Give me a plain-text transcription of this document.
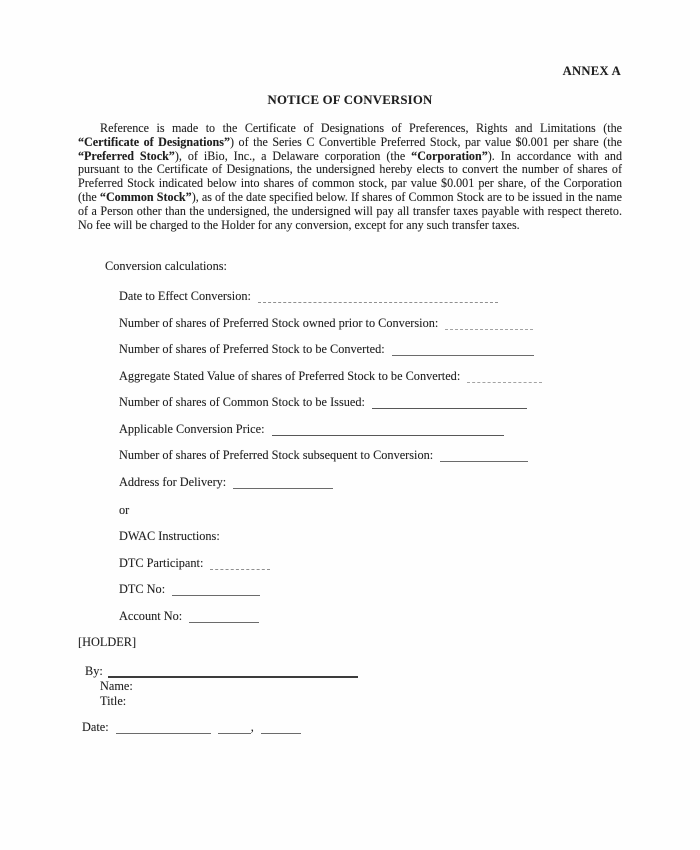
ANNEX A
NOTICE OF CONVERSION

Reference is made to the Certificate of Designations of Preferences, Rights and Limitations (the “Certificate of Designations”) of the Series C Convertible Preferred Stock, par value $0.001 per share (the “Preferred Stock”), of iBio, Inc., a Delaware corporation (the “Corporation”). In accordance with and pursuant to the Certificate of Designations, the undersigned hereby elects to convert the number of shares of Preferred Stock indicated below into shares of common stock, par value $0.001 per share, of the Corporation (the “Common Stock”), as of the date specified below. If shares of Common Stock are to be issued in the name of a Person other than the undersigned, the undersigned will pay all transfer taxes payable with respect thereto. No fee will be charged to the Holder for any conversion, except for any such transfer taxes.

Conversion calculations:
Date to Effect Conversion:
Number of shares of Preferred Stock owned prior to Conversion:
Number of shares of Preferred Stock to be Converted:
Aggregate Stated Value of shares of Preferred Stock to be Converted:
Number of shares of Common Stock to be Issued:
Applicable Conversion Price:
Number of shares of Preferred Stock subsequent to Conversion:
Address for Delivery:
or
DWAC Instructions:
DTC Participant:
DTC No:
Account No:
[HOLDER]
By:
Name:
Title:
Date:	,
